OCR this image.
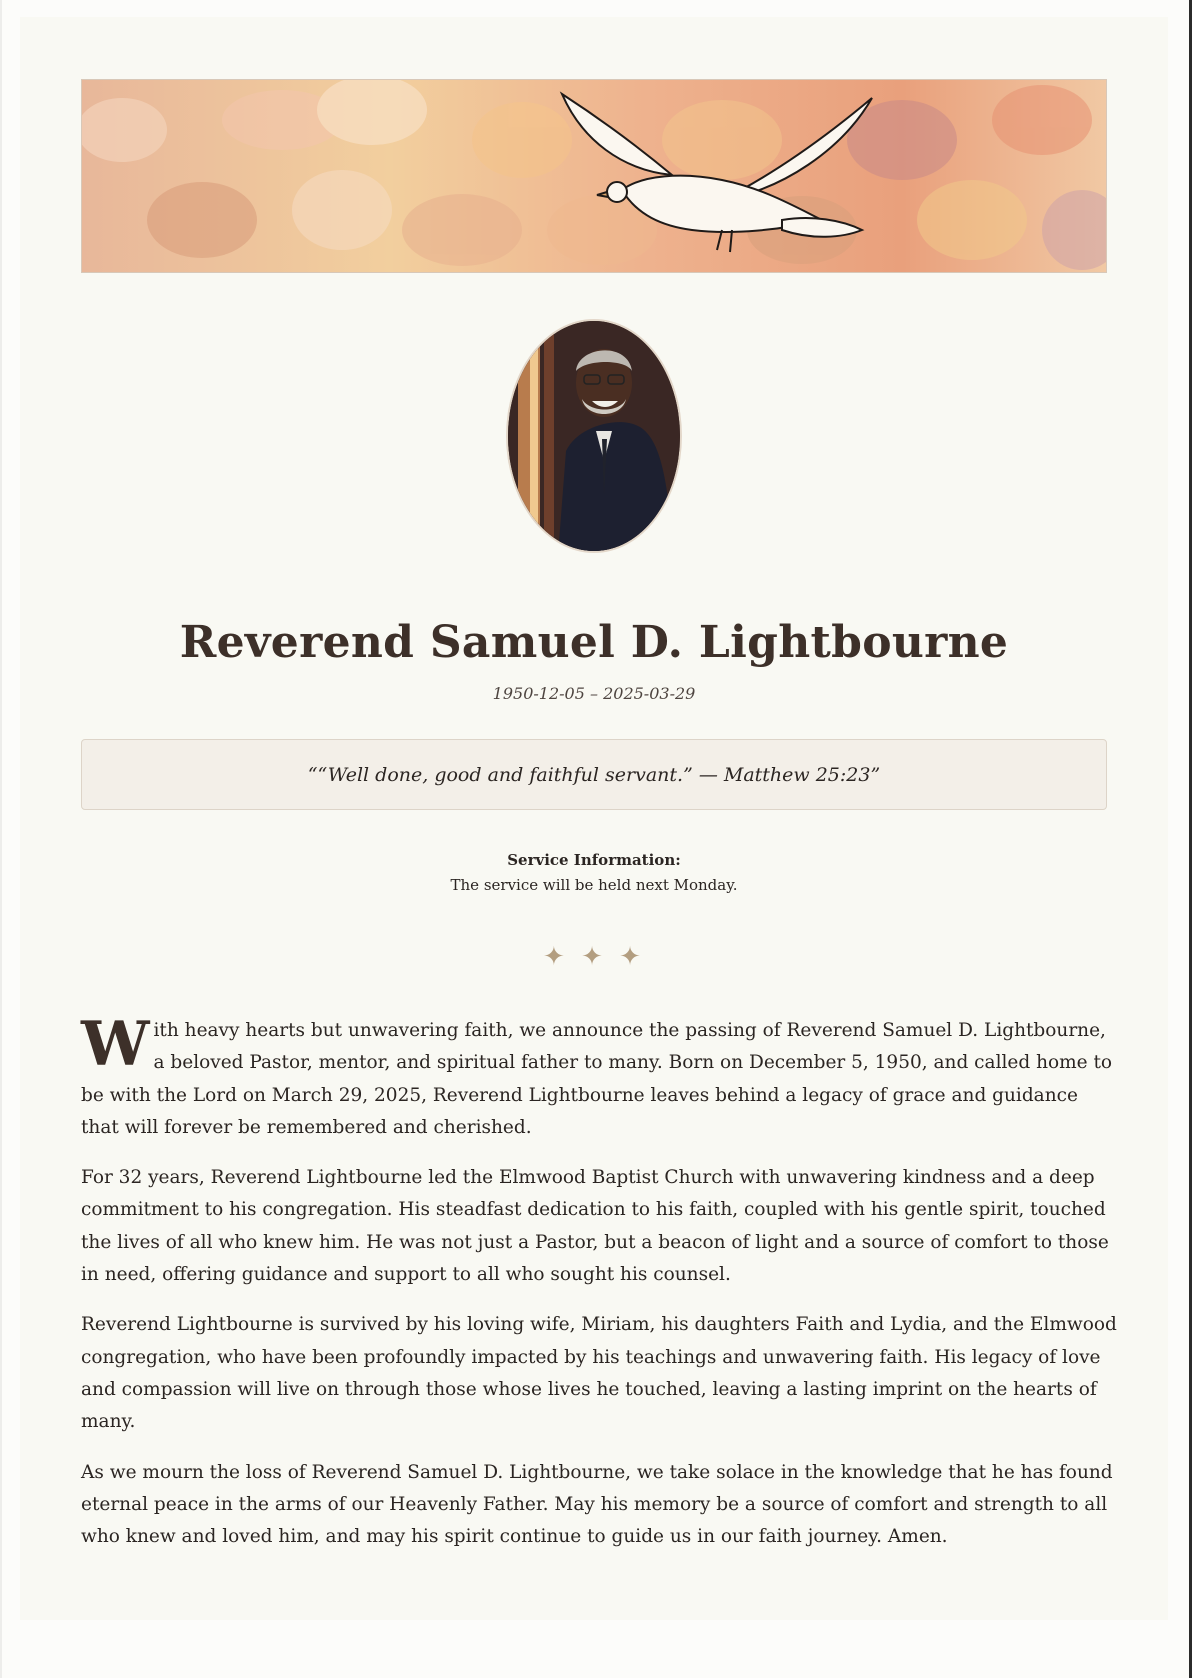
Reverend Samuel D. Lightbourne
1950-12-05 – 2025-03-29
““Well done, good and faithful servant.” — Matthew 25:23”
Service Information:
The service will be held next Monday.
✦ ✦ ✦

With heavy hearts but unwavering faith, we announce the passing of Reverend Samuel D. Lightbourne, a beloved Pastor, mentor, and spiritual father to many. Born on December 5, 1950, and called home to be with the Lord on March 29, 2025, Reverend Lightbourne leaves behind a legacy of grace and guidance that will forever be remembered and cherished.

For 32 years, Reverend Lightbourne led the Elmwood Baptist Church with unwavering kindness and a deep commitment to his congregation. His steadfast dedication to his faith, coupled with his gentle spirit, touched the lives of all who knew him. He was not just a Pastor, but a beacon of light and a source of comfort to those in need, offering guidance and support to all who sought his counsel.

Reverend Lightbourne is survived by his loving wife, Miriam, his daughters Faith and Lydia, and the Elmwood congregation, who have been profoundly impacted by his teachings and unwavering faith. His legacy of love and compassion will live on through those whose lives he touched, leaving a lasting imprint on the hearts of many.

As we mourn the loss of Reverend Samuel D. Lightbourne, we take solace in the knowledge that he has found eternal peace in the arms of our Heavenly Father. May his memory be a source of comfort and strength to all who knew and loved him, and may his spirit continue to guide us in our faith journey. Amen.
